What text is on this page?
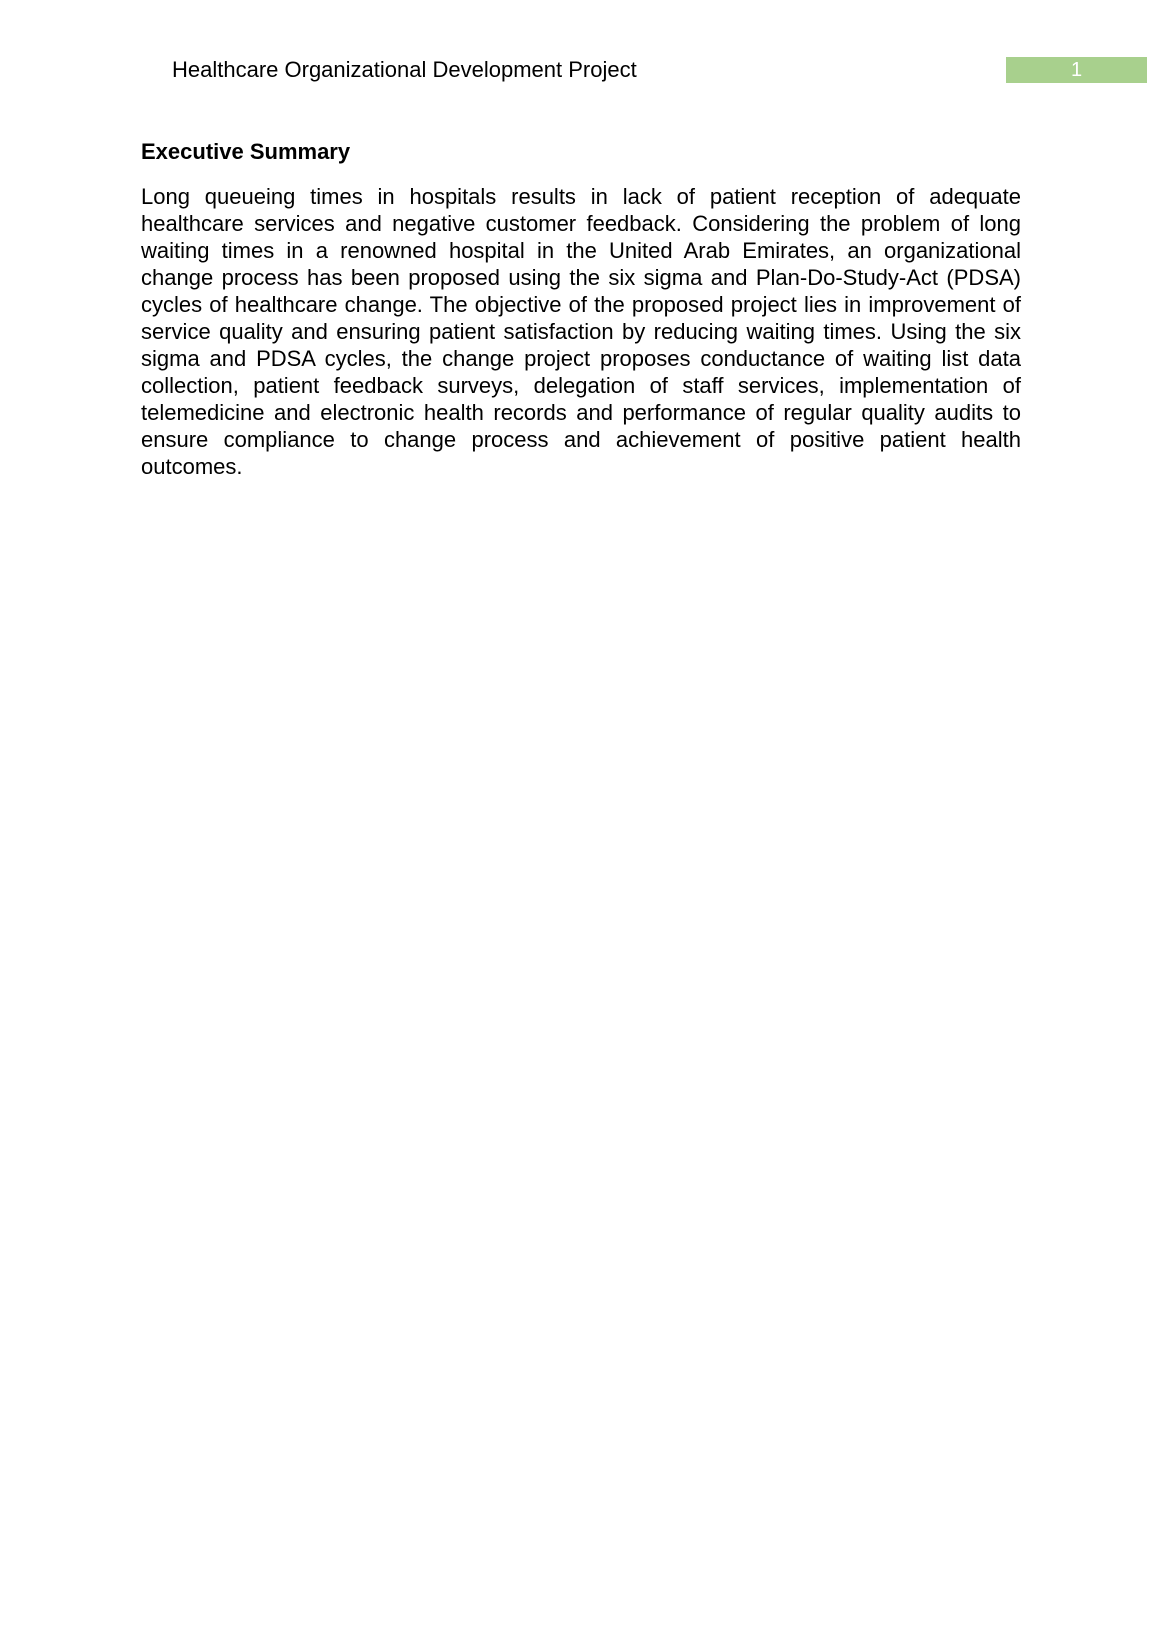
Healthcare Organizational Development Project	1
Executive Summary

Long queueing times in hospitals results in lack of patient reception of adequate healthcare services and negative customer feedback. Considering the problem of long waiting times in a renowned hospital in the United Arab Emirates, an organizational change process has been proposed using the six sigma and Plan-Do-Study-Act (PDSA) cycles of healthcare change. The objective of the proposed project lies in improvement of service quality and ensuring patient satisfaction by reducing waiting times. Using the six sigma and PDSA cycles, the change project proposes conductance of waiting list data collection, patient feedback surveys, delegation of staff services, implementation of telemedicine and electronic health records and performance of regular quality audits to ensure compliance to change process and achievement of positive patient health outcomes.
